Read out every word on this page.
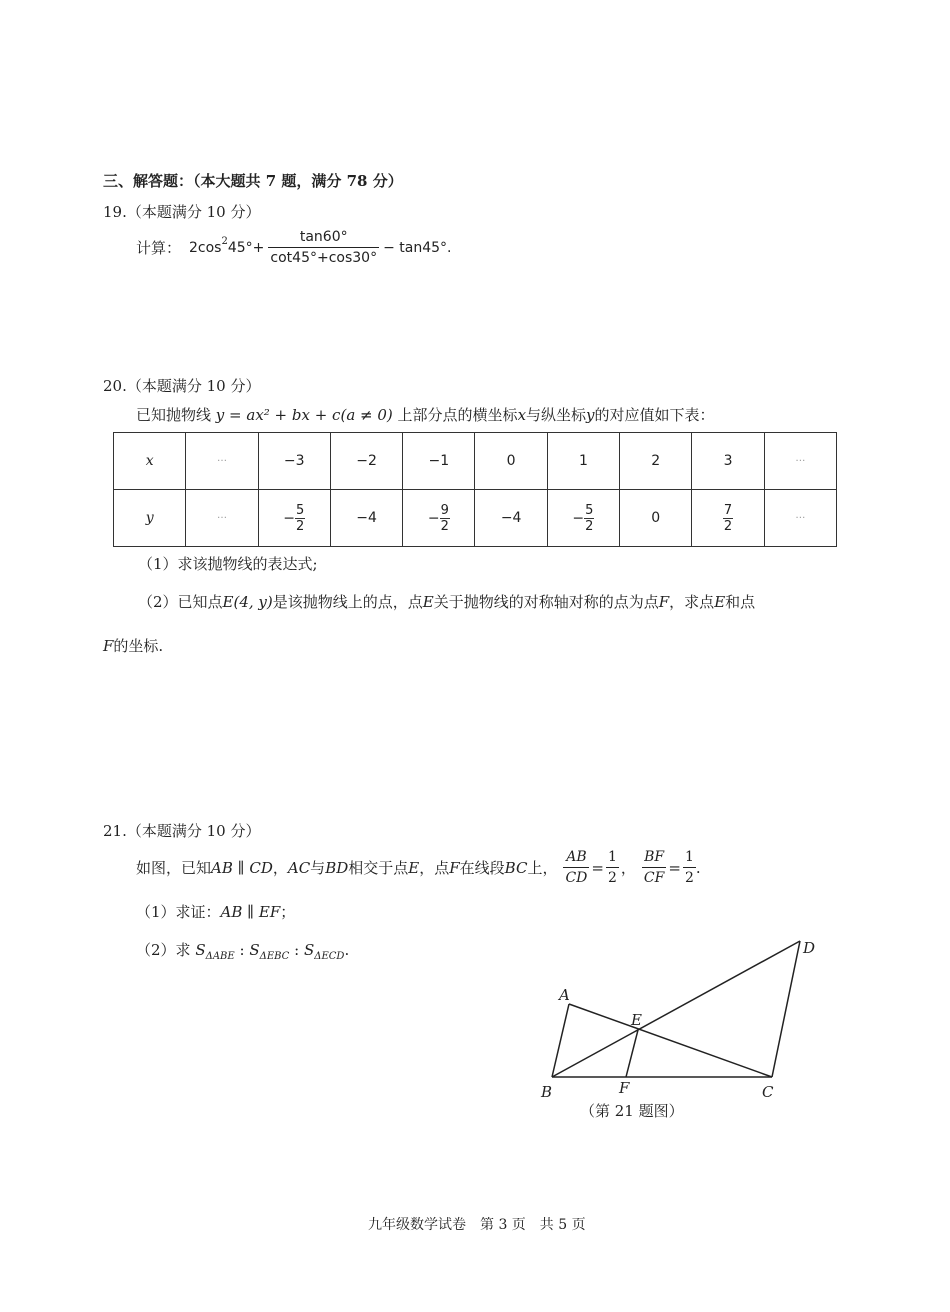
三、解答题：（本大题共 7 题，满分 78 分）
19.（本题满分 10 分）
计算： $2\cos^2$ $45^\circ+ \frac{\tan 60^\circ}{\cot 45^\circ+\cos 30^\circ} - \tan 45^\circ$.
20.（本题满分 10 分）
已知抛物线 y = ax² + bx + c(a ≠ 0) 上部分点的横坐标x与纵坐标y的对应值如下表：
x	…	−3	−2	−1	0	1	2	3	…
y	…	− $\frac{5}{2}$	−4	− $\frac{9}{2}$	−4	− $\frac{5}{2}$	0	$\frac{7}{2}$	…
（1）求该抛物线的表达式;
（2）已知点E(4, y)是该抛物线上的点，点E关于抛物线的对称轴对称的点为点F，求点E和点
F的坐标.
21.（本题满分 10 分）
如图，已知 AB ∥ CD ， AC 与 BD 相交于点 E ，点 F 在线段 BC 上， $\frac{AB}{CD} = \frac{1}{2}$ ， $\frac{BF}{CF} = \frac{1}{2}$ .
（1）求证：AB ∥ EF；
（2）求 $S_{\Delta ABE}$ : $S_{\Delta EBC}$ : $S_{\Delta ECD}$.
A
B	C
D
E
F
（第 21 题图）
九年级数学试卷　第 3 页　共 5 页
